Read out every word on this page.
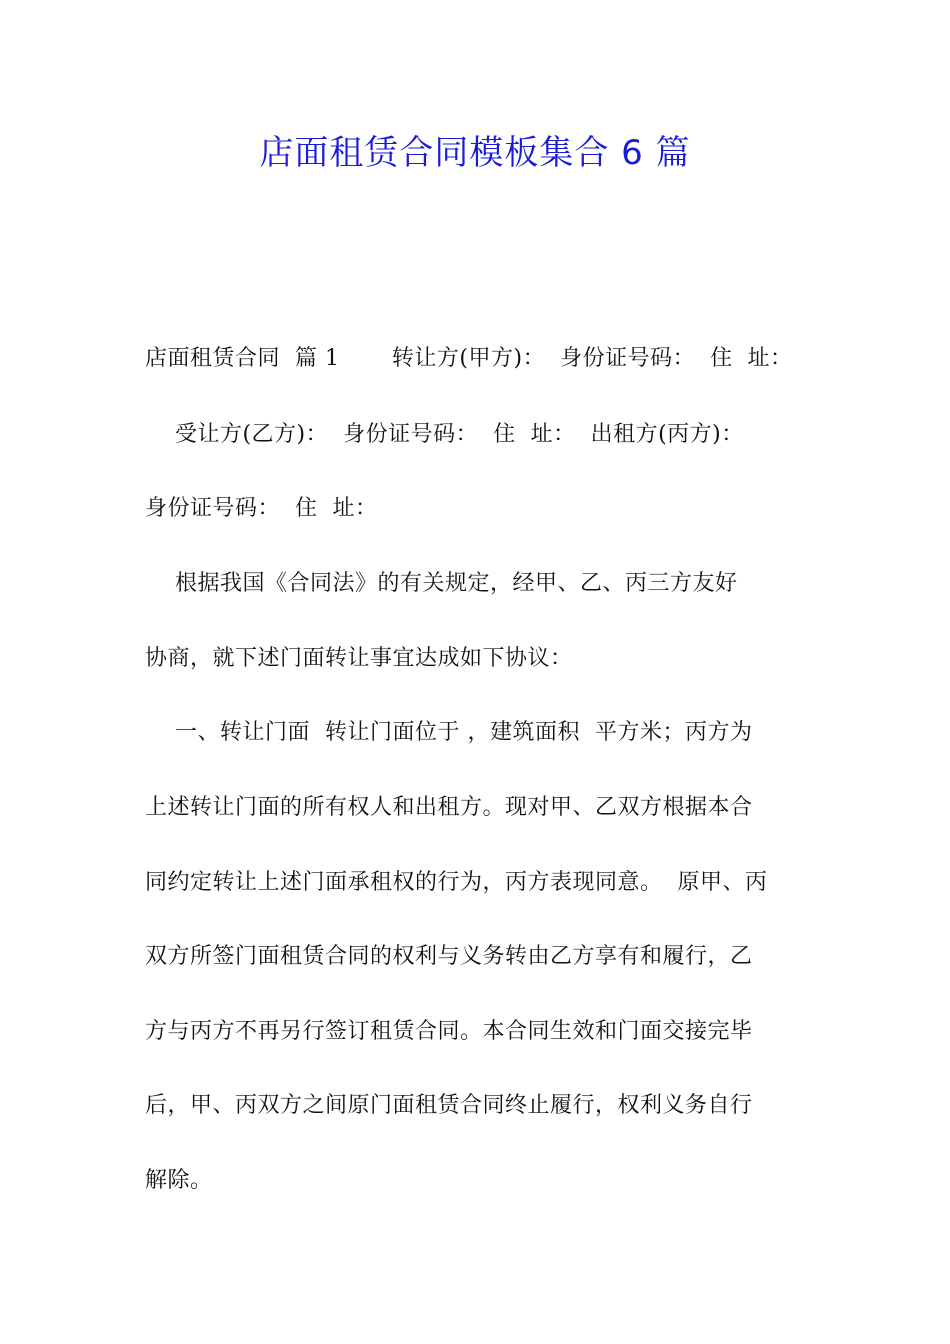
店面租赁合同模板集合 6 篇
店面租赁合同  篇 1       转让方(甲方)：  身份证号码：  住  址：
受让方(乙方)：  身份证号码：  住  址：  出租方(丙方)：
身份证号码：  住  址：
根据我国《合同法》的有关规定，经甲、乙、丙三方友好
协商，就下述门面转让事宜达成如下协议：
一、转让门面  转让门面位于 ，建筑面积  平方米；丙方为
上述转让门面的所有权人和出租方。现对甲、乙双方根据本合
同约定转让上述门面承租权的行为，丙方表现同意。  原甲、丙
双方所签门面租赁合同的权利与义务转由乙方享有和履行，乙
方与丙方不再另行签订租赁合同。本合同生效和门面交接完毕
后，甲、丙双方之间原门面租赁合同终止履行，权利义务自行
解除。
